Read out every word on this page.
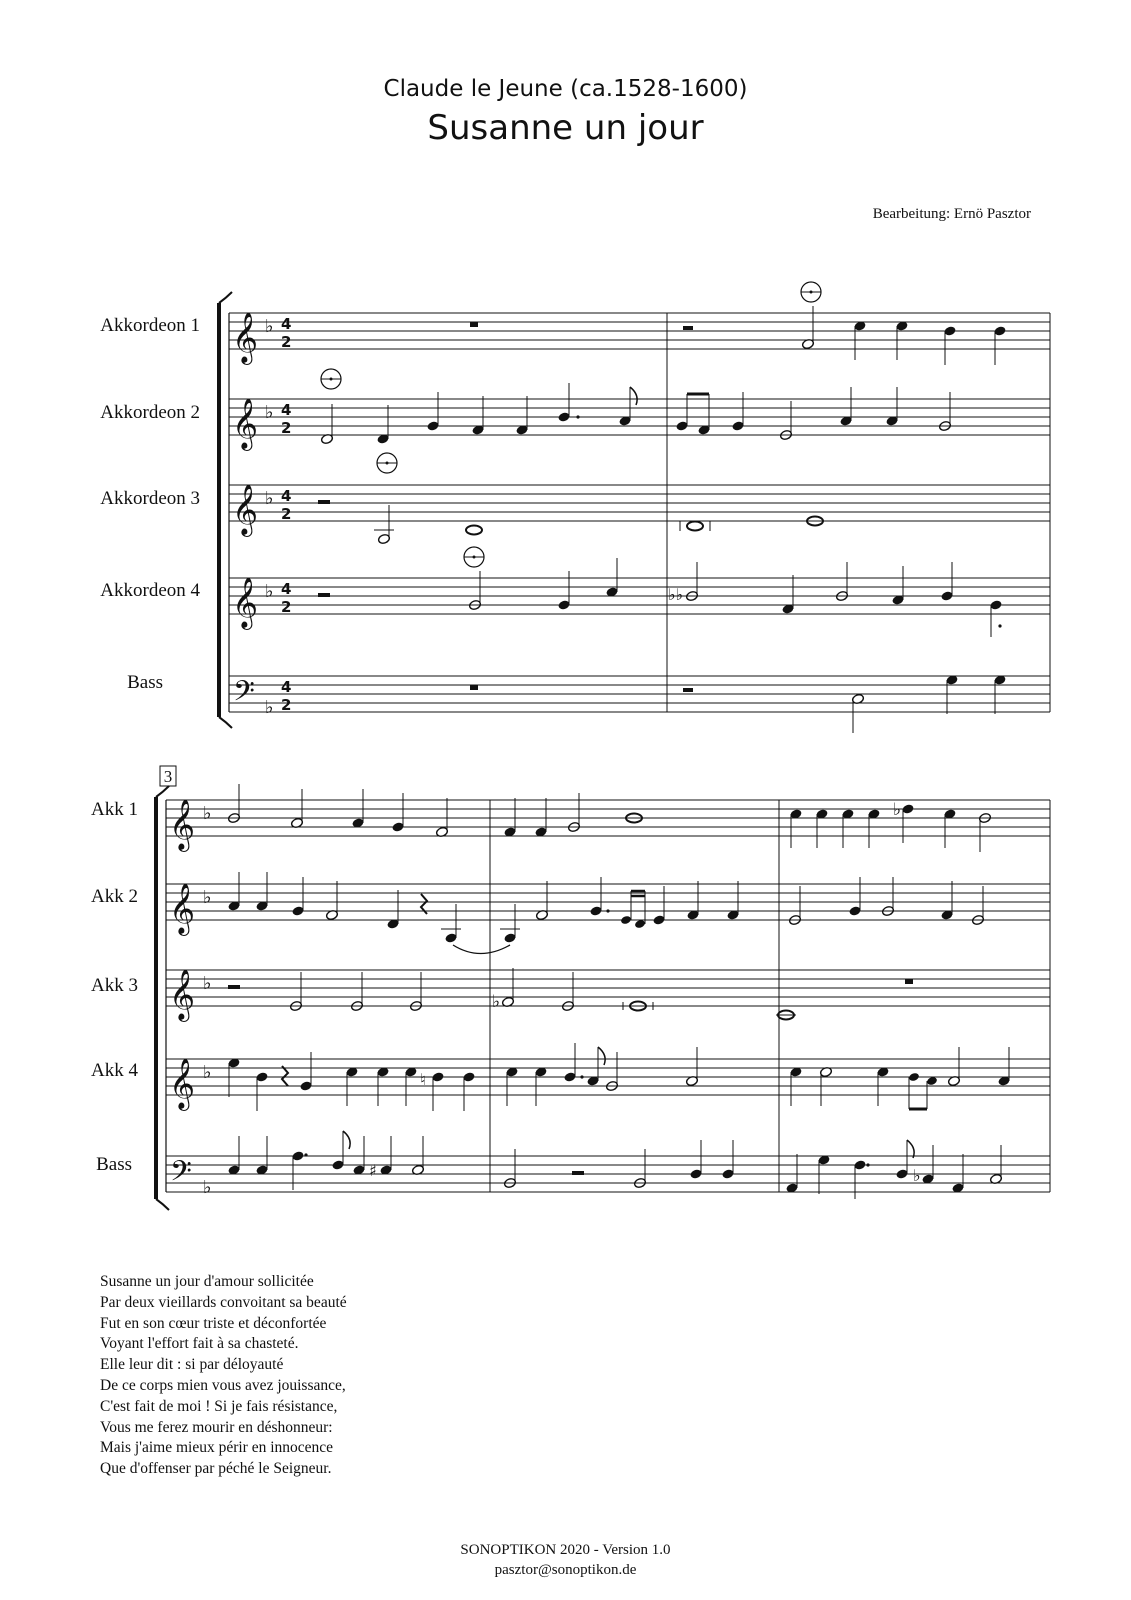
Claude le Jeune (ca.1528-1600)
Susanne un jour
Bearbeitung: Ernö Pasztor
Akkordeon 1
Akkordeon 2
Akkordeon 3
Akkordeon 4
Bass
𝄞
𝄞
𝄞
𝄞
𝄢
♭
♭
♭
♭
♭
4
2
4
2
4
2
4
2
4
2
♭♭
3
Akk 1
Akk 2
Akk 3
Akk 4
Bass
𝄞
𝄞
𝄞
𝄞
𝄢
♭
♭
♭
♭
♭
♭
♭
♮
♯	♭
Susanne un jour d'amour sollicitée
Par deux vieillards convoitant sa beauté
Fut en son cœur triste et déconfortée
Voyant l'effort fait à sa chasteté.
Elle leur dit : si par déloyauté
De ce corps mien vous avez jouissance,
C'est fait de moi ! Si je fais résistance,
Vous me ferez mourir en déshonneur:
Mais j'aime mieux périr en innocence
Que d'offenser par péché le Seigneur.
SONOPTIKON 2020 - Version 1.0
pasztor@sonoptikon.de
